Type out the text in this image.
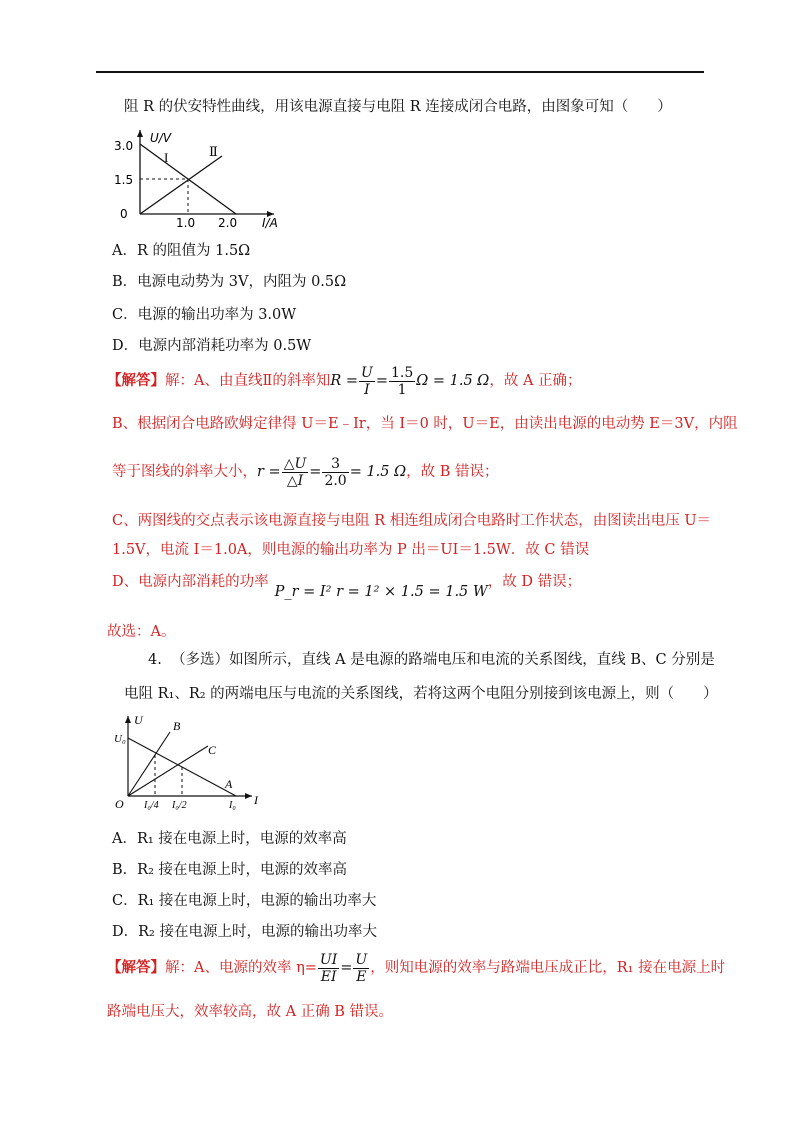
阻 R 的伏安特性曲线，用该电源直接与电阻 R 连接成闭合电路，由图象可知（　　）
U/V
I/A
3.0
1.5
0
1.0 2.0
I	Ⅱ
A．R 的阻值为 1.5Ω
B．电源电动势为 3V，内阻为 0.5Ω
C．电源的输出功率为 3.0W
D．电源内部消耗功率为 0.5W
【解答】解：A、由直线Ⅱ的斜率知$R = \frac{U}{I} = \frac{1.5}{1}$ Ω = 1.5 Ω，故 A 正确；
B、根据闭合电路欧姆定律得 U＝E﹣Ir，当 I＝0 时，U＝E，由读出电源的电动势 E＝3V，内阻
等于图线的斜率大小，$r = \frac{\triangle U}{\triangle I} = \frac{3}{2.0} = 1.5$ Ω，故 B 错误；
C、两图线的交点表示该电源直接与电阻 R 相连组成闭合电路时工作状态，由图读出电压 U＝
1.5V，电流 I＝1.0A，则电源的输出功率为 P 出＝UI＝1.5W．故 C 错误
D、电源内部消耗的功率P_r = I² r = 1² × 1.5 = 1.5 W，故 D 错误；
故选：A。
4. （多选）如图所示，直线 A 是电源的路端电压和电流的关系图线，直线 B、C 分别是
电阻 R₁、R₂ 的两端电压与电流的关系图线，若将这两个电阻分别接到该电源上，则（　　）
U
I
O
U₀
I₀/4 I₀/2	I₀
A
B
C
A．R₁ 接在电源上时，电源的效率高
B．R₂ 接在电源上时，电源的效率高
C．R₁ 接在电源上时，电源的输出功率大
D．R₂ 接在电源上时，电源的输出功率大
【解答】解：A、电源的效率 $\eta= \frac{UI}{EI} = \frac{U}{E}$ ，则知电源的效率与路端电压成正比，R₁ 接在电源上时
路端电压大，效率较高，故 A 正确 B 错误。
